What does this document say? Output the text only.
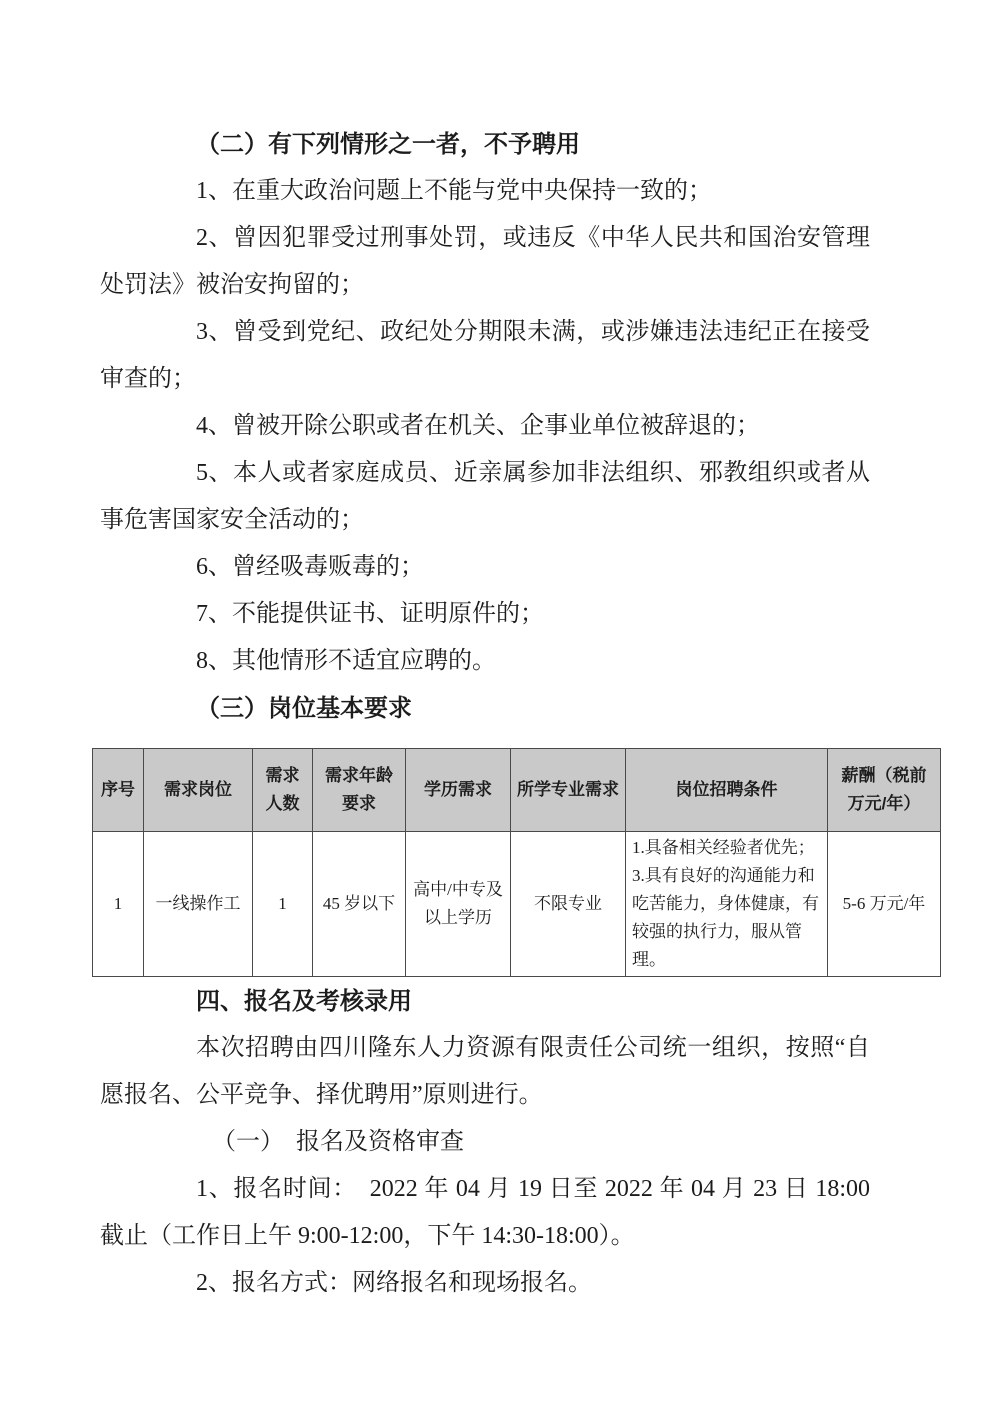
（二）有下列情形之一者，不予聘用

1、在重大政治问题上不能与党中央保持一致的；

2、曾因犯罪受过刑事处罚，或违反《中华人民共和国治安管理处罚法》被治安拘留的；

3、曾受到党纪、政纪处分期限未满，或涉嫌违法违纪正在接受审查的；

4、曾被开除公职或者在机关、企事业单位被辞退的；

5、本人或者家庭成员、近亲属参加非法组织、邪教组织或者从事危害国家安全活动的；

6、曾经吸毒贩毒的；

7、不能提供证书、证明原件的；

8、其他情形不适宜应聘的。

（三）岗位基本要求

序号	需求岗位	需求人数	需求年龄要求	学历需求	所学专业需求	岗位招聘条件	薪酬（税前万元/年）
1	一线操作工	1	45 岁以下	高中/中专及以上学历	不限专业	1.具备相关经验者优先；
3.具有良好的沟通能力和吃苦能力，身体健康，有较强的执行力，服从管理。	5-6 万元/年

四、报名及考核录用

本次招聘由四川隆东人力资源有限责任公司统一组织，按照“自愿报名、公平竞争、择优聘用”原则进行。

（一）　报名及资格审查

1、报名时间：　2022 年 04 月 19 日至 2022 年 04 月 23 日 18:00 截止（工作日上午 9:00-12:00，下午 14:30-18:00）。

2、报名方式：网络报名和现场报名。
